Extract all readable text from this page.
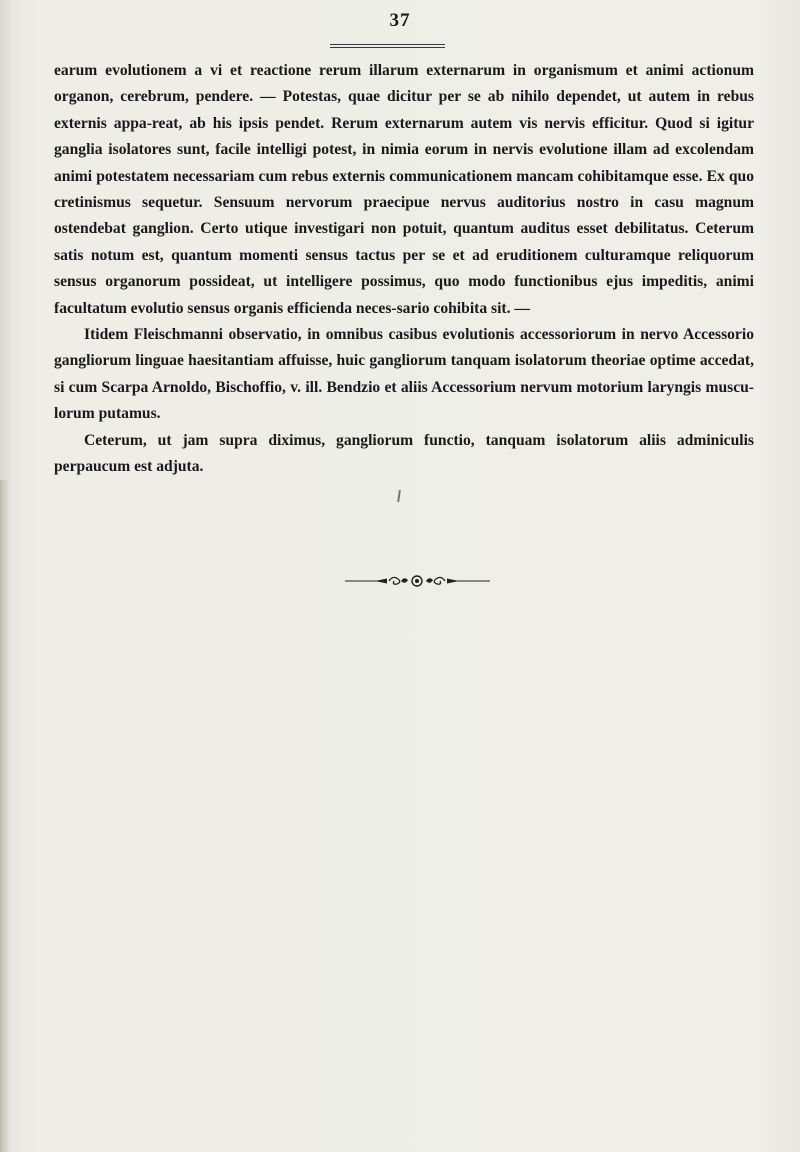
37

earum evolutionem a vi et reactione rerum illarum externarum in organismum et animi actionum organon, cerebrum, pendere. — Potestas, quae dicitur per se ab nihilo dependet, ut autem in rebus externis appa-reat, ab his ipsis pendet. Rerum externarum autem vis nervis efficitur. Quod si igitur ganglia isolatores sunt, facile intelligi potest, in nimia eorum in nervis evolutione illam ad excolendam animi potestatem necessariam cum rebus externis communicationem mancam cohibitamque esse. Ex quo cretinismus sequetur. Sensuum nervorum praecipue nervus auditorius nostro in casu magnum ostendebat ganglion. Certo utique investigari non potuit, quantum auditus esset debilitatus. Ceterum satis notum est, quantum momenti sensus tactus per se et ad eruditionem culturamque reliquorum sensus organorum possideat, ut intelligere possimus, quo modo functionibus ejus impeditis, animi facultatum evolutio sensus organis efficienda neces-sario cohibita sit. —

Itidem Fleischmanni observatio, in omnibus casibus evolutionis accessoriorum in nervo Accessorio gangliorum linguae haesitantiam affuisse, huic gangliorum tanquam isolatorum theoriae optime accedat, si cum Scarpa Arnoldo, Bischoffio, v. ill. Bendzio et aliis Accessorium nervum motorium laryngis muscu-lorum putamus.

Ceterum, ut jam supra diximus, gangliorum functio, tanquam isolatorum aliis adminiculis perpaucum est adjuta.
